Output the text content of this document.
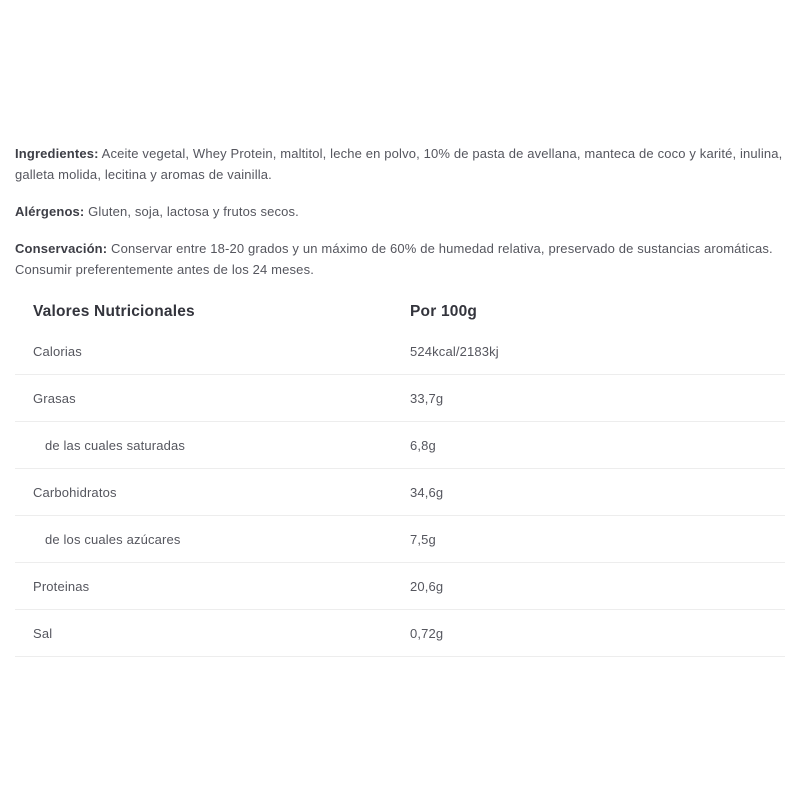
Ingredientes: Aceite vegetal, Whey Protein, maltitol, leche en polvo, 10% de pasta de avellana, manteca de coco y karité, inulina, galleta molida, lecitina y aromas de vainilla.

Alérgenos: Gluten, soja, lactosa y frutos secos.

Conservación: Conservar entre 18-20 grados y un máximo de 60% de humedad relativa, preservado de sustancias aromáticas. Consumir preferentemente antes de los 24 meses.

Valores Nutricionales	Por 100g
Calorias	524kcal/2183kj
Grasas	33,7g
de las cuales saturadas	6,8g
Carbohidratos	34,6g
de los cuales azúcares	7,5g
Proteinas	20,6g
Sal	0,72g
